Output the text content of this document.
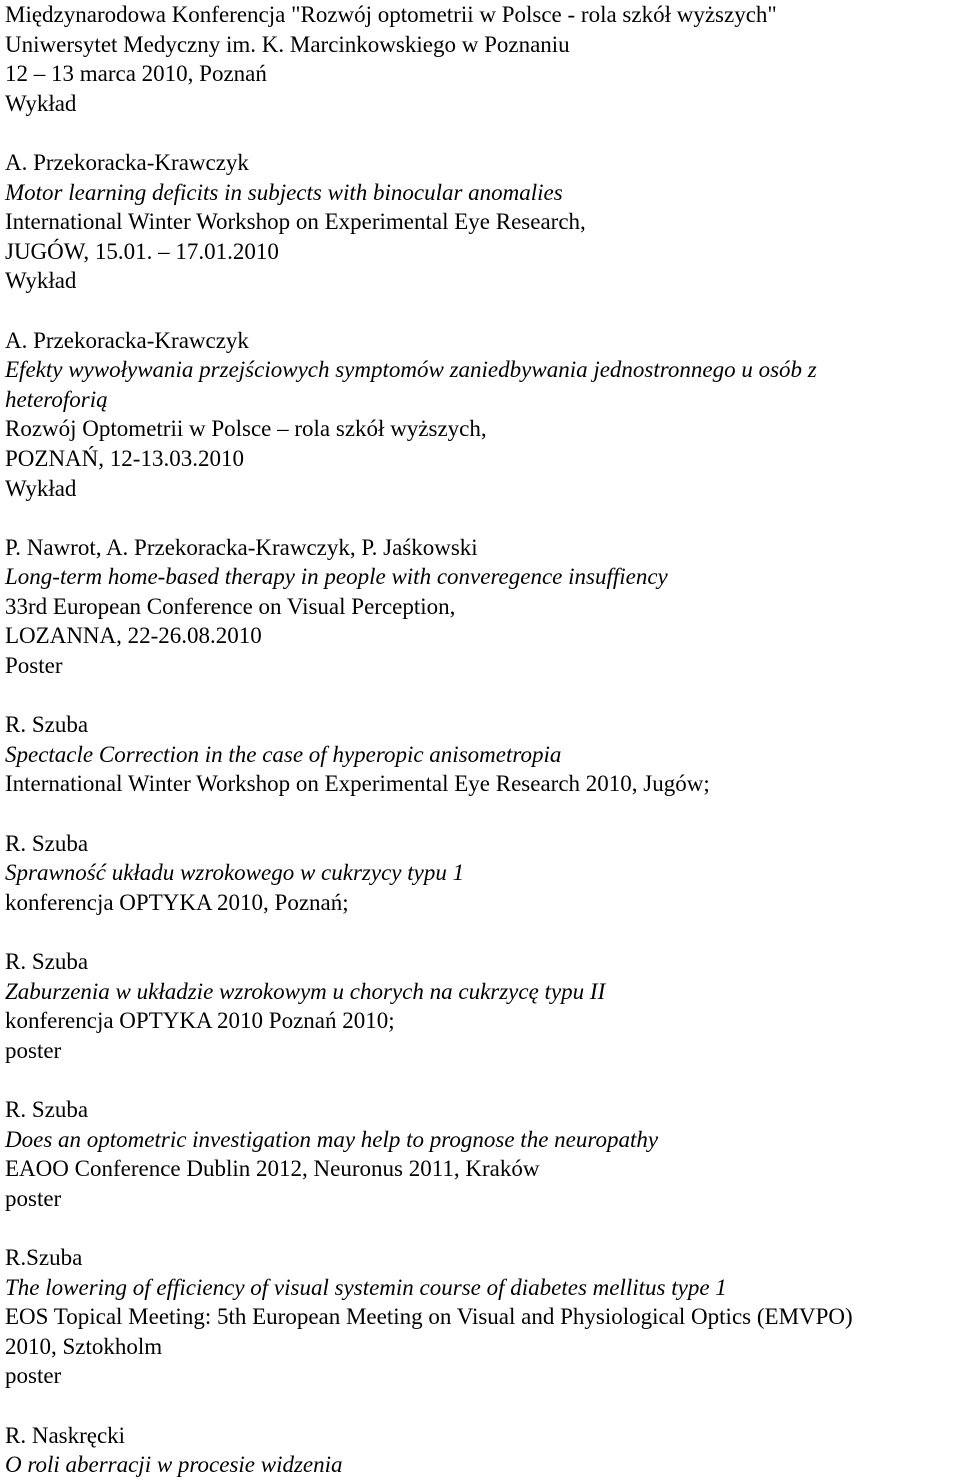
Międzynarodowa Konferencja "Rozwój optometrii w Polsce - rola szkół wyższych"
Uniwersytet Medyczny im. K. Marcinkowskiego w Poznaniu
12 – 13 marca 2010, Poznań
Wykład
A. Przekoracka-Krawczyk
Motor learning deficits in subjects with binocular anomalies
International Winter Workshop on Experimental Eye Research,
JUGÓW, 15.01. – 17.01.2010
Wykład
A. Przekoracka-Krawczyk
Efekty wywoływania przejściowych symptomów zaniedbywania jednostronnego u osób z
heteroforią
Rozwój Optometrii w Polsce – rola szkół wyższych,
POZNAŃ, 12-13.03.2010
Wykład
P. Nawrot, A. Przekoracka-Krawczyk, P. Jaśkowski
Long-term home-based therapy in people with converegence insuffiency
33rd European Conference on Visual Perception,
LOZANNA, 22-26.08.2010
Poster
R. Szuba
Spectacle Correction in the case of hyperopic anisometropia
International Winter Workshop on Experimental Eye Research 2010, Jugów;
R. Szuba
Sprawność układu wzrokowego w cukrzycy typu 1
konferencja OPTYKA 2010, Poznań;
R. Szuba
Zaburzenia w układzie wzrokowym u chorych na cukrzycę typu II
konferencja OPTYKA 2010 Poznań 2010;
poster
R. Szuba
Does an optometric investigation may help to prognose the neuropathy
EAOO Conference Dublin 2012, Neuronus 2011, Kraków
poster
R.Szuba
The lowering of efficiency of visual systemin course of diabetes mellitus type 1
EOS Topical Meeting: 5th European Meeting on Visual and Physiological Optics (EMVPO)
2010, Sztokholm
poster
R. Naskręcki
O roli aberracji w procesie widzenia
